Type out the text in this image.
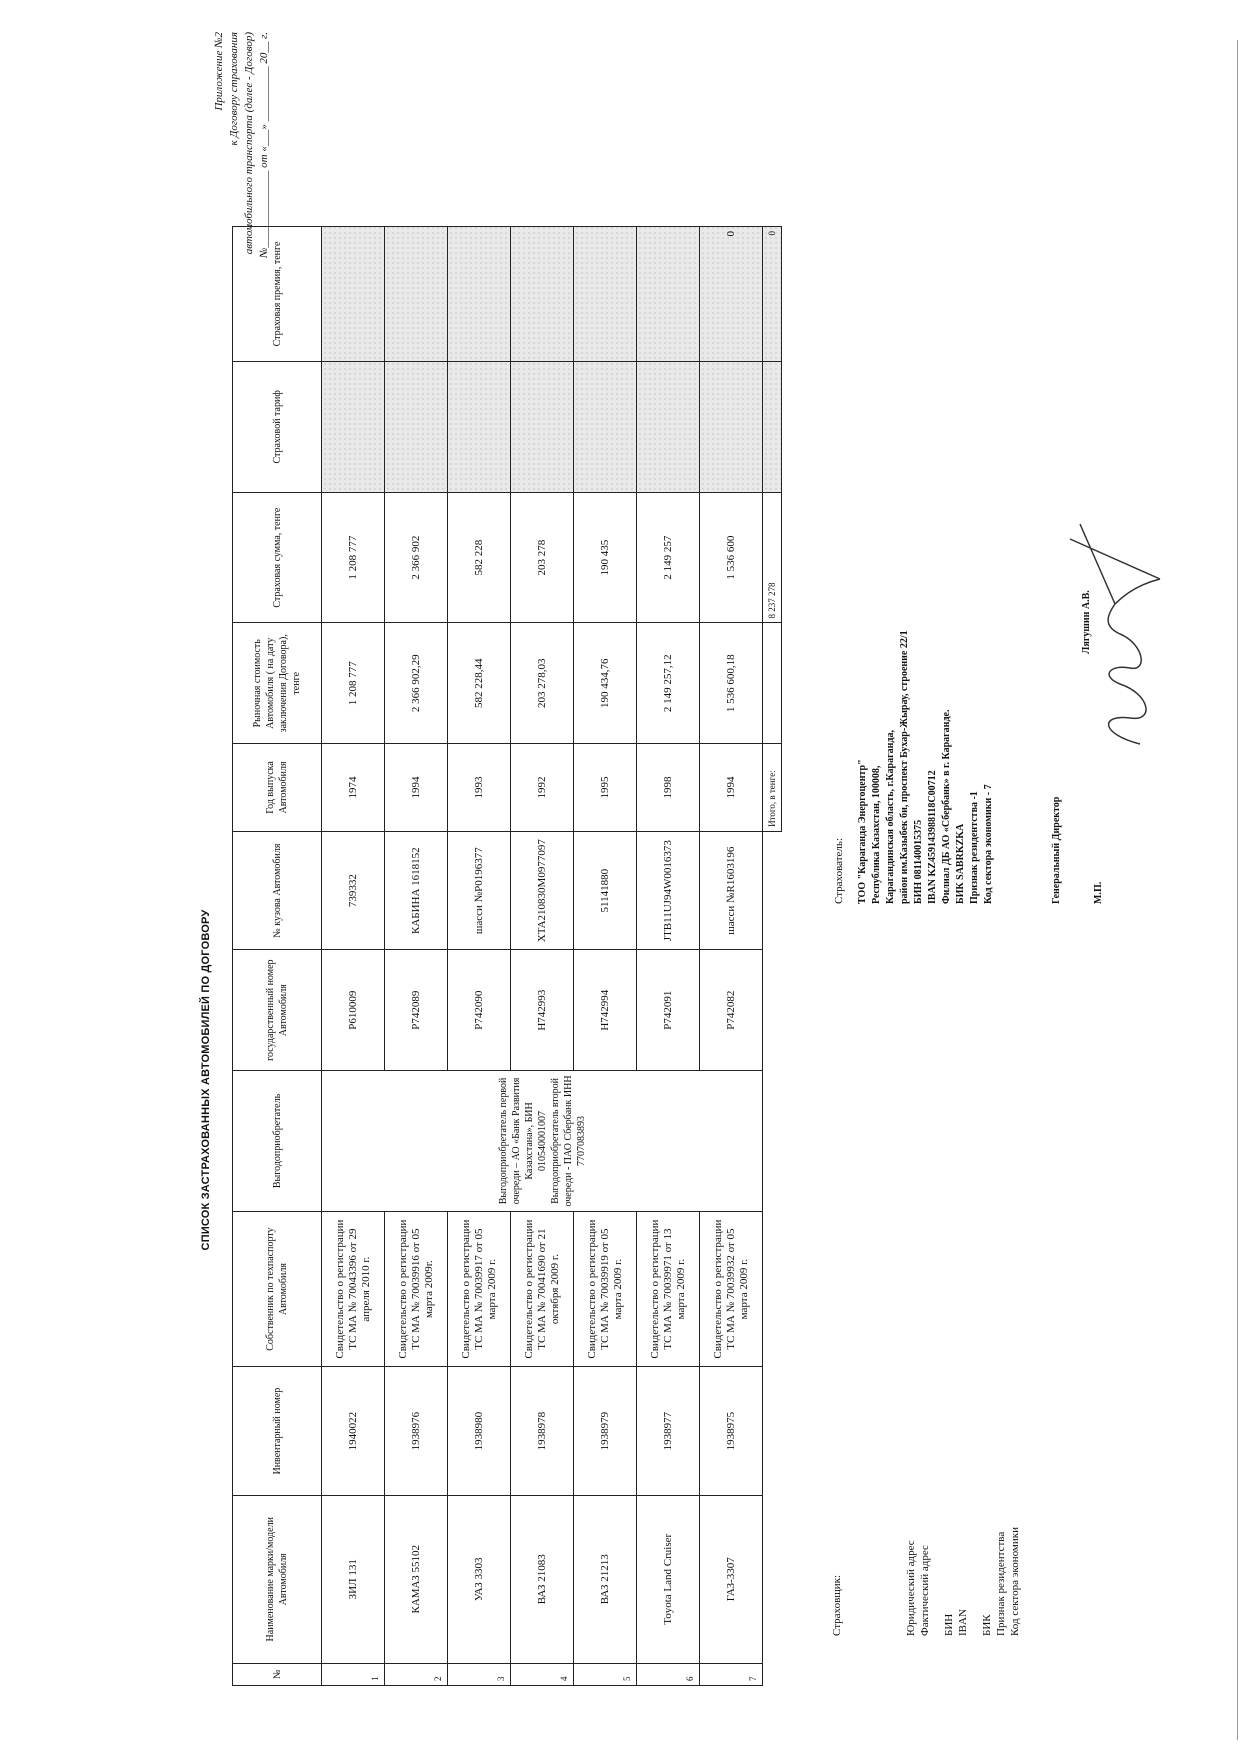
Приложение №2 к Договору страхования автомобильного транспорта (далее - Договор) №______________ от «___» __________ 20__ г.
СПИСОК ЗАСТРАХОВАННЫХ АВТОМОБИЛЕЙ ПО ДОГОВОРУ
№	Наименование марки/модели Автомобиля	Инвентарный номер	Собственник по техпаспорту Автомобиля	Выгодоприобретатель	государственный номер Автомобиля	№ кузова Автомобиля	Год выпуска Автомобиля	Рыночная стоимость Автомобиля ( на дату заключения Договора), тенге	Страховая сумма, тенге	Страховой тариф	Страховая премия, тенге
1	ЗИЛ 131	1940022	Свидетельство о регистрации ТС МА № 70043396 от 29 апреля 2010 г.	Выгодоприобретатель первой очереди – АО «Банк Развития Казахстана», БИН 010540001007 Выгодоприобретатель второй очереди - ПАО Сбербанк ИНН 7707083893	P610009	739332	1974	1 208 777	1 208 777		
2	КАМАЗ 55102	1938976	Свидетельство о регистрации ТС МА № 70039916 от 05 марта 2009г.		P742089	КАБИНА 1618152	1994	2 366 902,29	2 366 902		
3	УАЗ 3303	1938980	Свидетельство о регистрации ТС МА № 70039917 от 05 марта 2009 г.		P742090	шасси №P0196377	1993	582 228,44	582 228		
4	ВАЗ 21083	1938978	Свидетельство о регистрации ТС МА № 70041690 от 21 октября 2009 г.		H742993	XTA210830M0977097	1992	203 278,03	203 278		
5	ВАЗ 21213	1938979	Свидетельство о регистрации ТС МА № 70039919 от 05 марта 2009 г.		H742994	51141880	1995	190 434,76	190 435		
6	Toyota Land Cruiser	1938977	Свидетельство о регистрации ТС МА № 70039971 от 13 марта 2009 г.		P742091	JTB11UJ94W0016373	1998	2 149 257,12	2 149 257		
7	ГАЗ-3307	1938975	Свидетельство о регистрации ТС МА № 70039932 от 05 марта 2009 г.		P742082	шасси №R1603196	1994	1 536 600,18	1 536 600		0
							Итого, в тенге:		8 237 278		0
Страховщик:	Юридический адрес Фактический адрес БИН IBAN БИК Признак резидентства Код сектора экономики
Страхователь: ТОО "Караганда Энергоцентр" Республика Казахстан, 100008, Карагандинская область, г.Караганда, район им.Казыбек би, проспект Бухар-Жырау, строение 22/1 БИН 081140015375 IBAN KZ459143988118C00712 Филиал ДБ АО «Сбербанк» в г. Караганде. БИК SABRKZKA Признак резидентства -1 Код сектора экономики - 7	Генеральный Директор	М.П.
Лягушин А.В.
